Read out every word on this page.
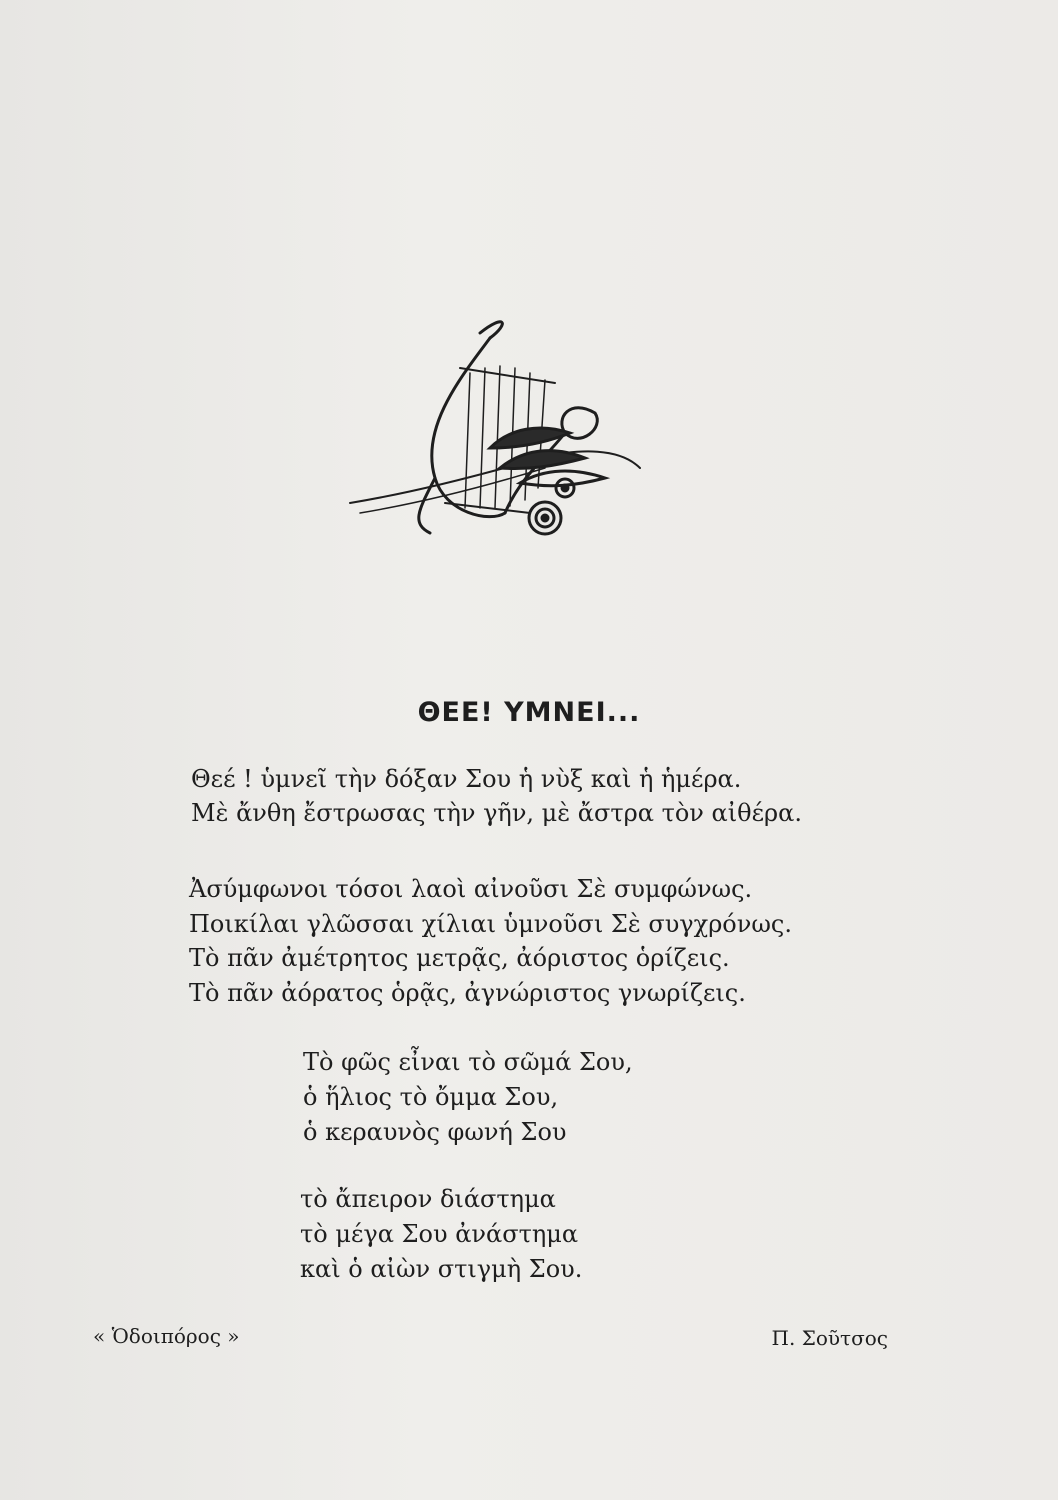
ΘΕΕ! ΥΜΝΕΙ...
Θεέ ! ὑμνεῖ τὴν δόξαν Σου ἡ νὺξ καὶ ἡ ἡμέρα.
Μὲ ἄνθη ἔστρωσας τὴν γῆν, μὲ ἄστρα τὸν αἰθέρα.
Ἀσύμφωνοι τόσοι λαοὶ αἰνοῦσι Σὲ συμφώνως.
Ποικίλαι γλῶσσαι χίλιαι ὑμνοῦσι Σὲ συγχρόνως.
Τὸ πᾶν ἀμέτρητος μετρᾷς, ἀόριστος ὁρίζεις.
Τὸ πᾶν ἀόρατος ὁρᾷς, ἀγνώριστος γνωρίζεις.
Τὸ φῶς εἶναι τὸ σῶμά Σου,
ὁ ἥλιος τὸ ὄμμα Σου,
ὁ κεραυνὸς φωνή Σου
τὸ ἄπειρον διάστημα
τὸ μέγα Σου ἀνάστημα
καὶ ὁ αἰὼν στιγμὴ Σου.
« Ὁδοιπόρος »	Π. Σοῦτσος
